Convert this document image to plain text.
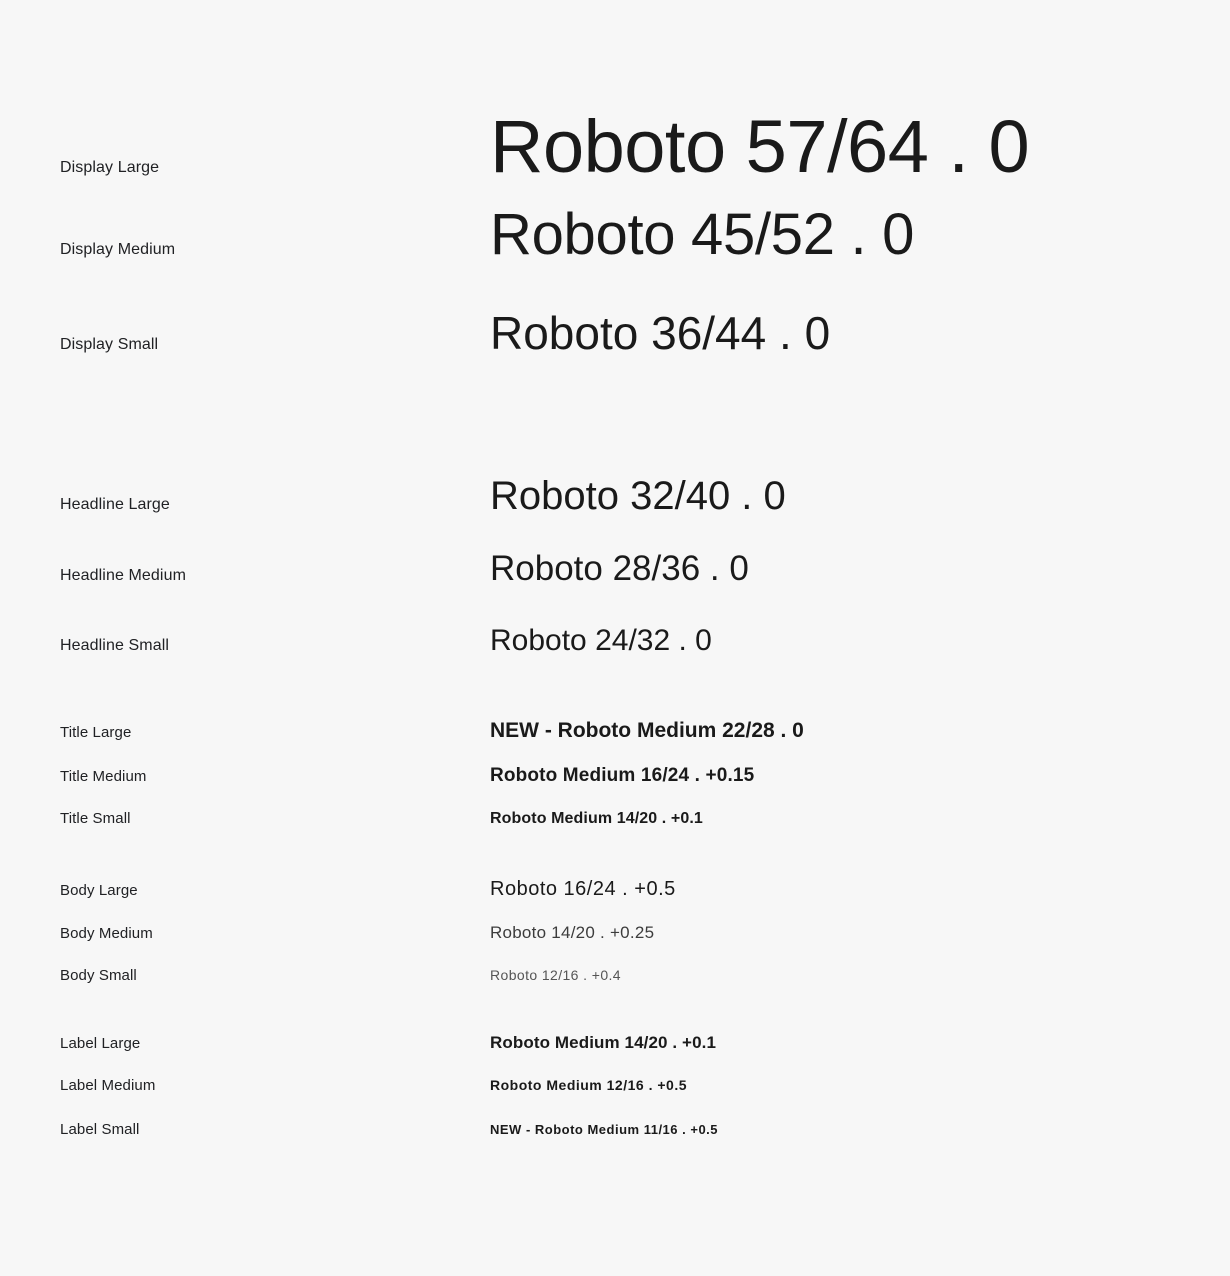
Display Large	Roboto 57/64 . 0
Display Medium	Roboto 45/52 . 0
Display Small	Roboto 36/44 . 0
Headline Large	Roboto 32/40 . 0
Headline Medium	Roboto 28/36 . 0
Headline Small	Roboto 24/32 . 0
Title Large	NEW - Roboto Medium 22/28 . 0
Title Medium	Roboto Medium 16/24 . +0.15
Title Small	Roboto Medium 14/20 . +0.1
Body Large	Roboto 16/24 . +0.5
Body Medium	Roboto 14/20 . +0.25
Body Small	Roboto 12/16 . +0.4
Label Large	Roboto Medium 14/20 . +0.1
Label Medium	Roboto Medium 12/16 . +0.5
Label Small	NEW - Roboto Medium 11/16 . +0.5
